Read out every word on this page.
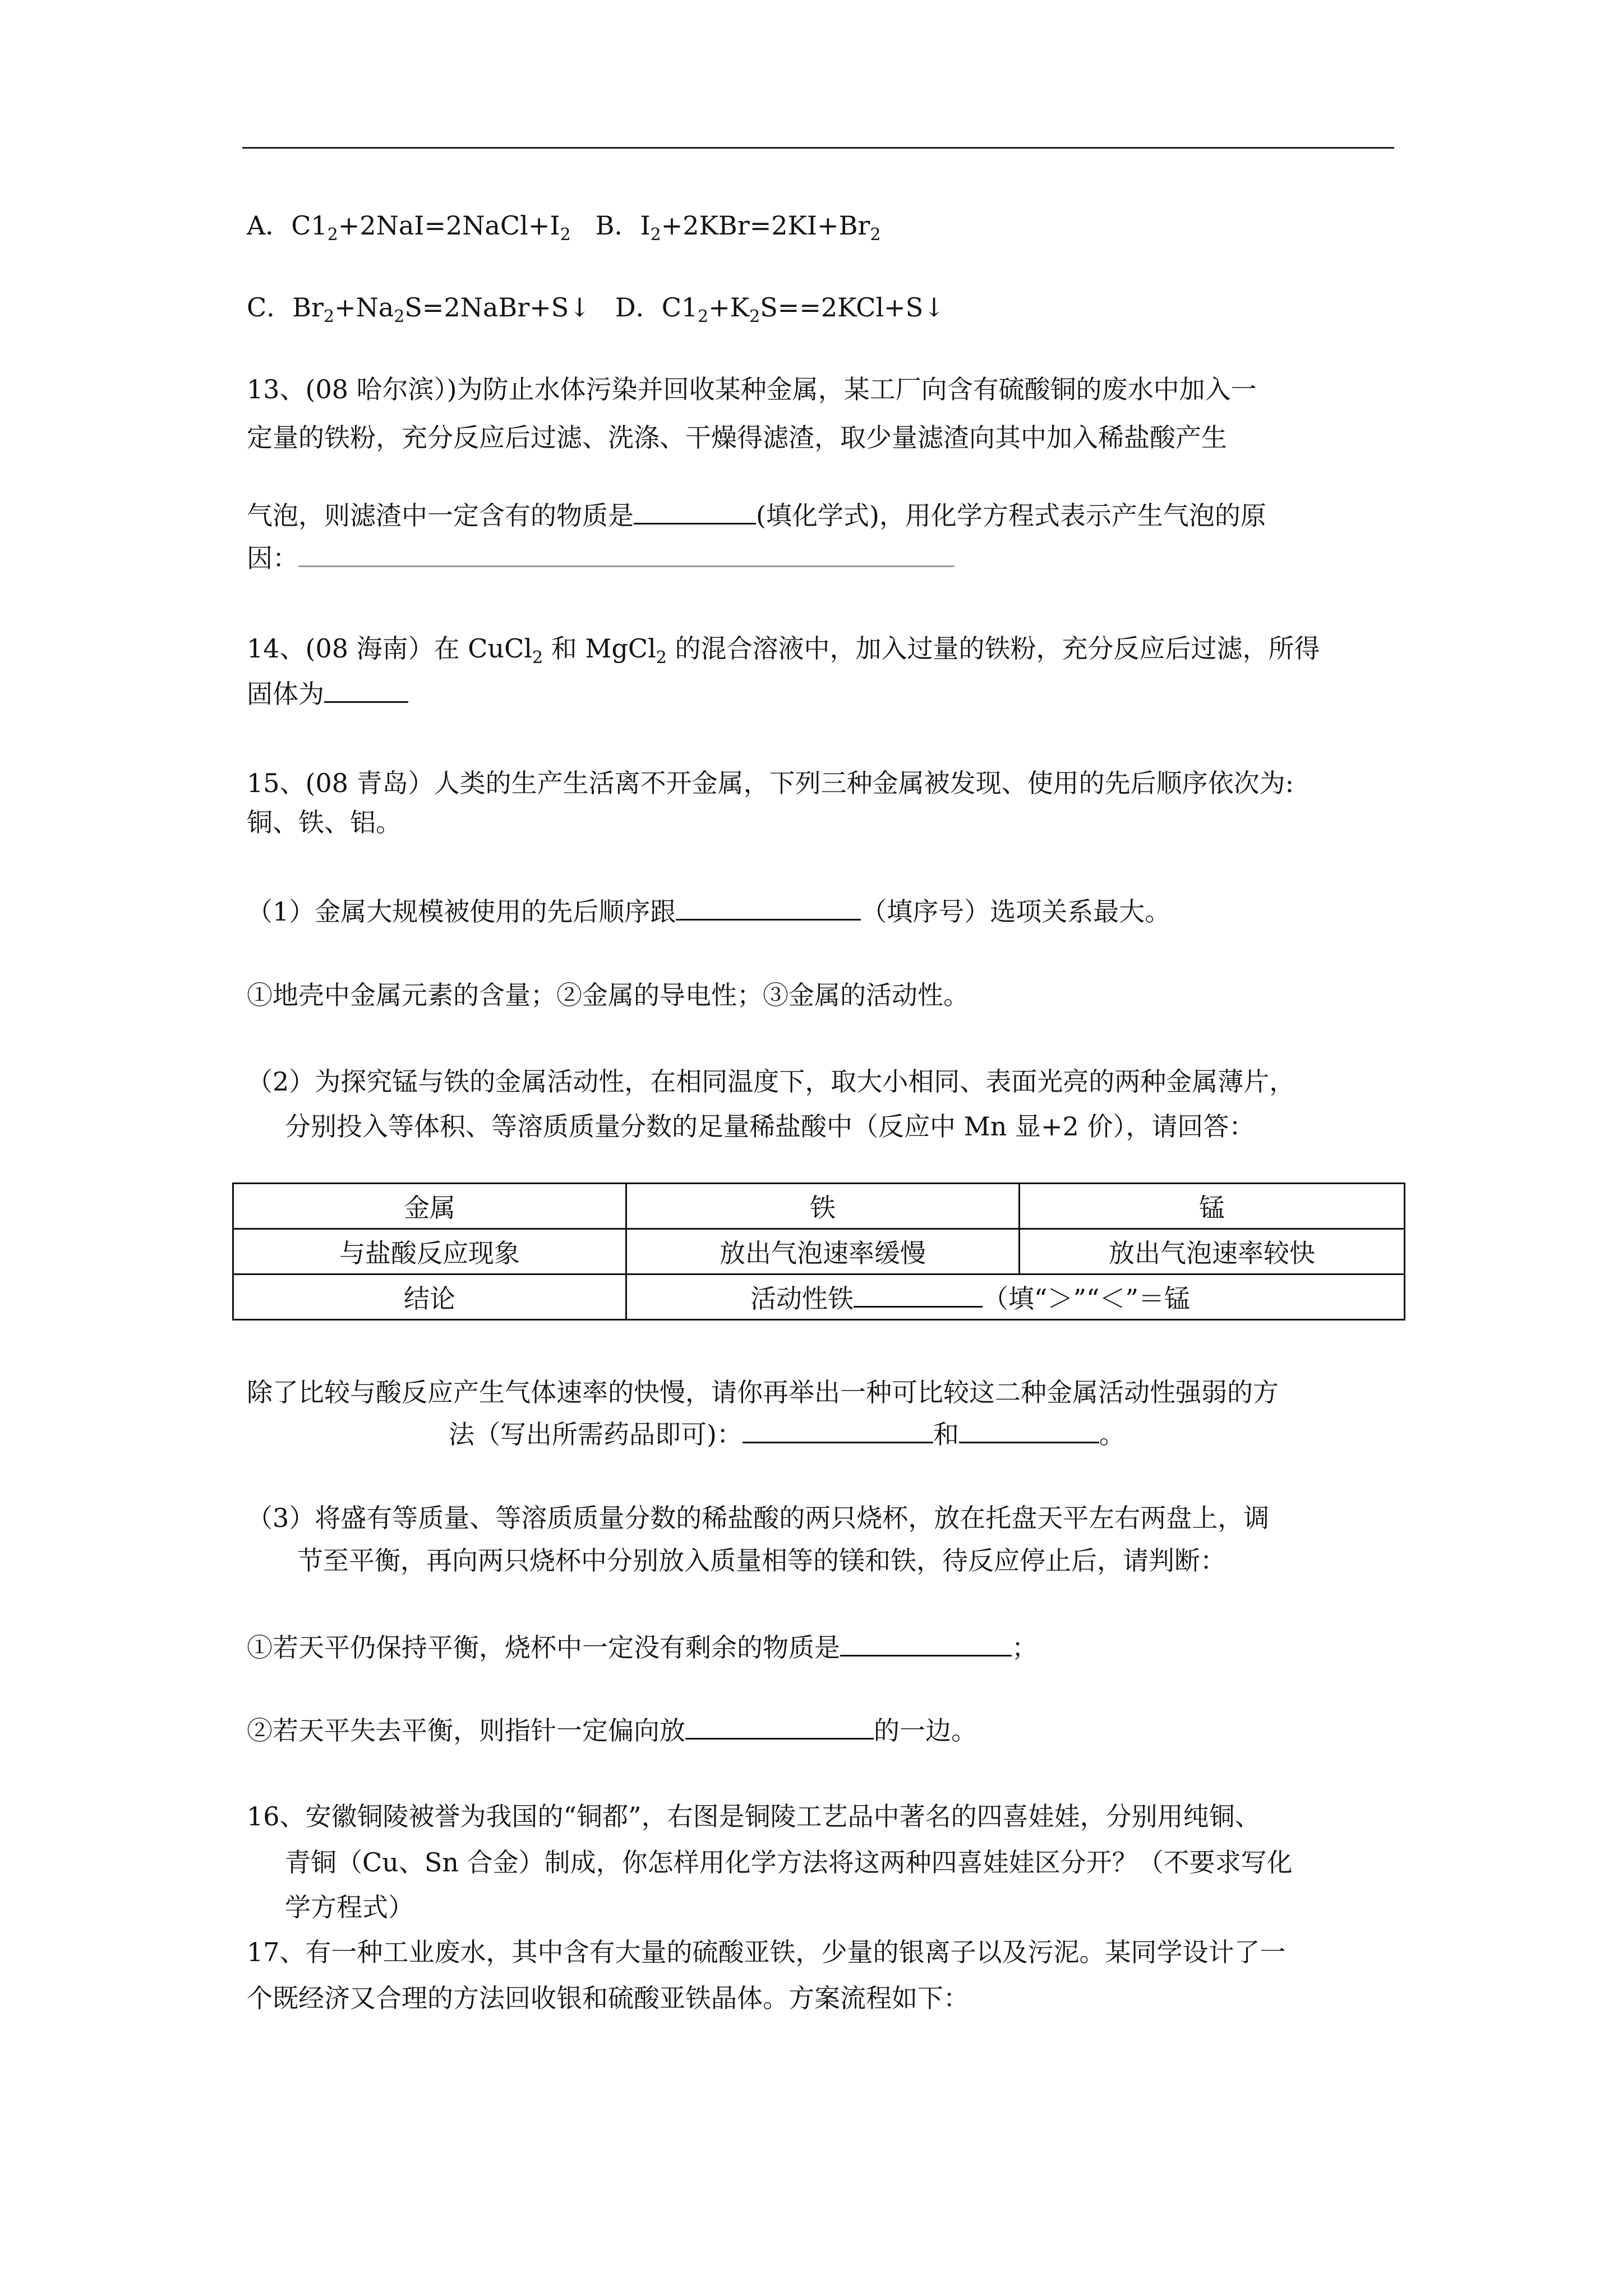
A．$C1_2+2NaI=2NaCl+I_2$ B．$I_2+2KBr=2KI+Br_2$
C．$Br_2+Na_2S=2NaBr+S↓$ D．$C1_2+K_2S==2KCl+S↓$
13、(08 哈尔滨）)为防止水体污染并回收某种金属，某工厂向含有硫酸铜的废水中加入一
定量的铁粉，充分反应后过滤、洗涤、干燥得滤渣，取少量滤渣向其中加入稀盐酸产生
气泡，则滤渣中一定含有的物质是	(填化学式)，用化学方程式表示产生气泡的原
因：
14、(08 海南）在 CuCl$_2$ 和 MgCl$_2$ 的混合溶液中，加入过量的铁粉，充分反应后过滤，所得
固体为
15、(08 青岛）人类的生产生活离不开金属，下列三种金属被发现、使用的先后顺序依次为:
铜、铁、铝。
（1）金属大规模被使用的先后顺序跟	（填序号）选项关系最大。
①地壳中金属元素的含量；②金属的导电性；③金属的活动性。
（2）为探究锰与铁的金属活动性，在相同温度下，取大小相同、表面光亮的两种金属薄片，
分别投入等体积、等溶质质量分数的足量稀盐酸中（反应中 Mn 显+2 价），请回答：
金属	铁	锰
与盐酸反应现象	放出气泡速率缓慢	放出气泡速率较快
结论	活动性铁 （填“＞”“＜”＝锰	
除了比较与酸反应产生气体速率的快慢，请你再举出一种可比较这二种金属活动性强弱的方
法（写出所需药品即可)：	和	。
（3）将盛有等质量、等溶质质量分数的稀盐酸的两只烧杯，放在托盘天平左右两盘上，调
节至平衡，再向两只烧杯中分别放入质量相等的镁和铁，待反应停止后，请判断：
①若天平仍保持平衡，烧杯中一定没有剩余的物质是	；
②若天平失去平衡，则指针一定偏向放	的一边。
16、安徽铜陵被誉为我国的“铜都”，右图是铜陵工艺品中著名的四喜娃娃，分别用纯铜、
青铜（Cu、Sn 合金）制成，你怎样用化学方法将这两种四喜娃娃区分开？（不要求写化
学方程式）
17、有一种工业废水，其中含有大量的硫酸亚铁，少量的银离子以及污泥。某同学设计了一
个既经济又合理的方法回收银和硫酸亚铁晶体。方案流程如下：
